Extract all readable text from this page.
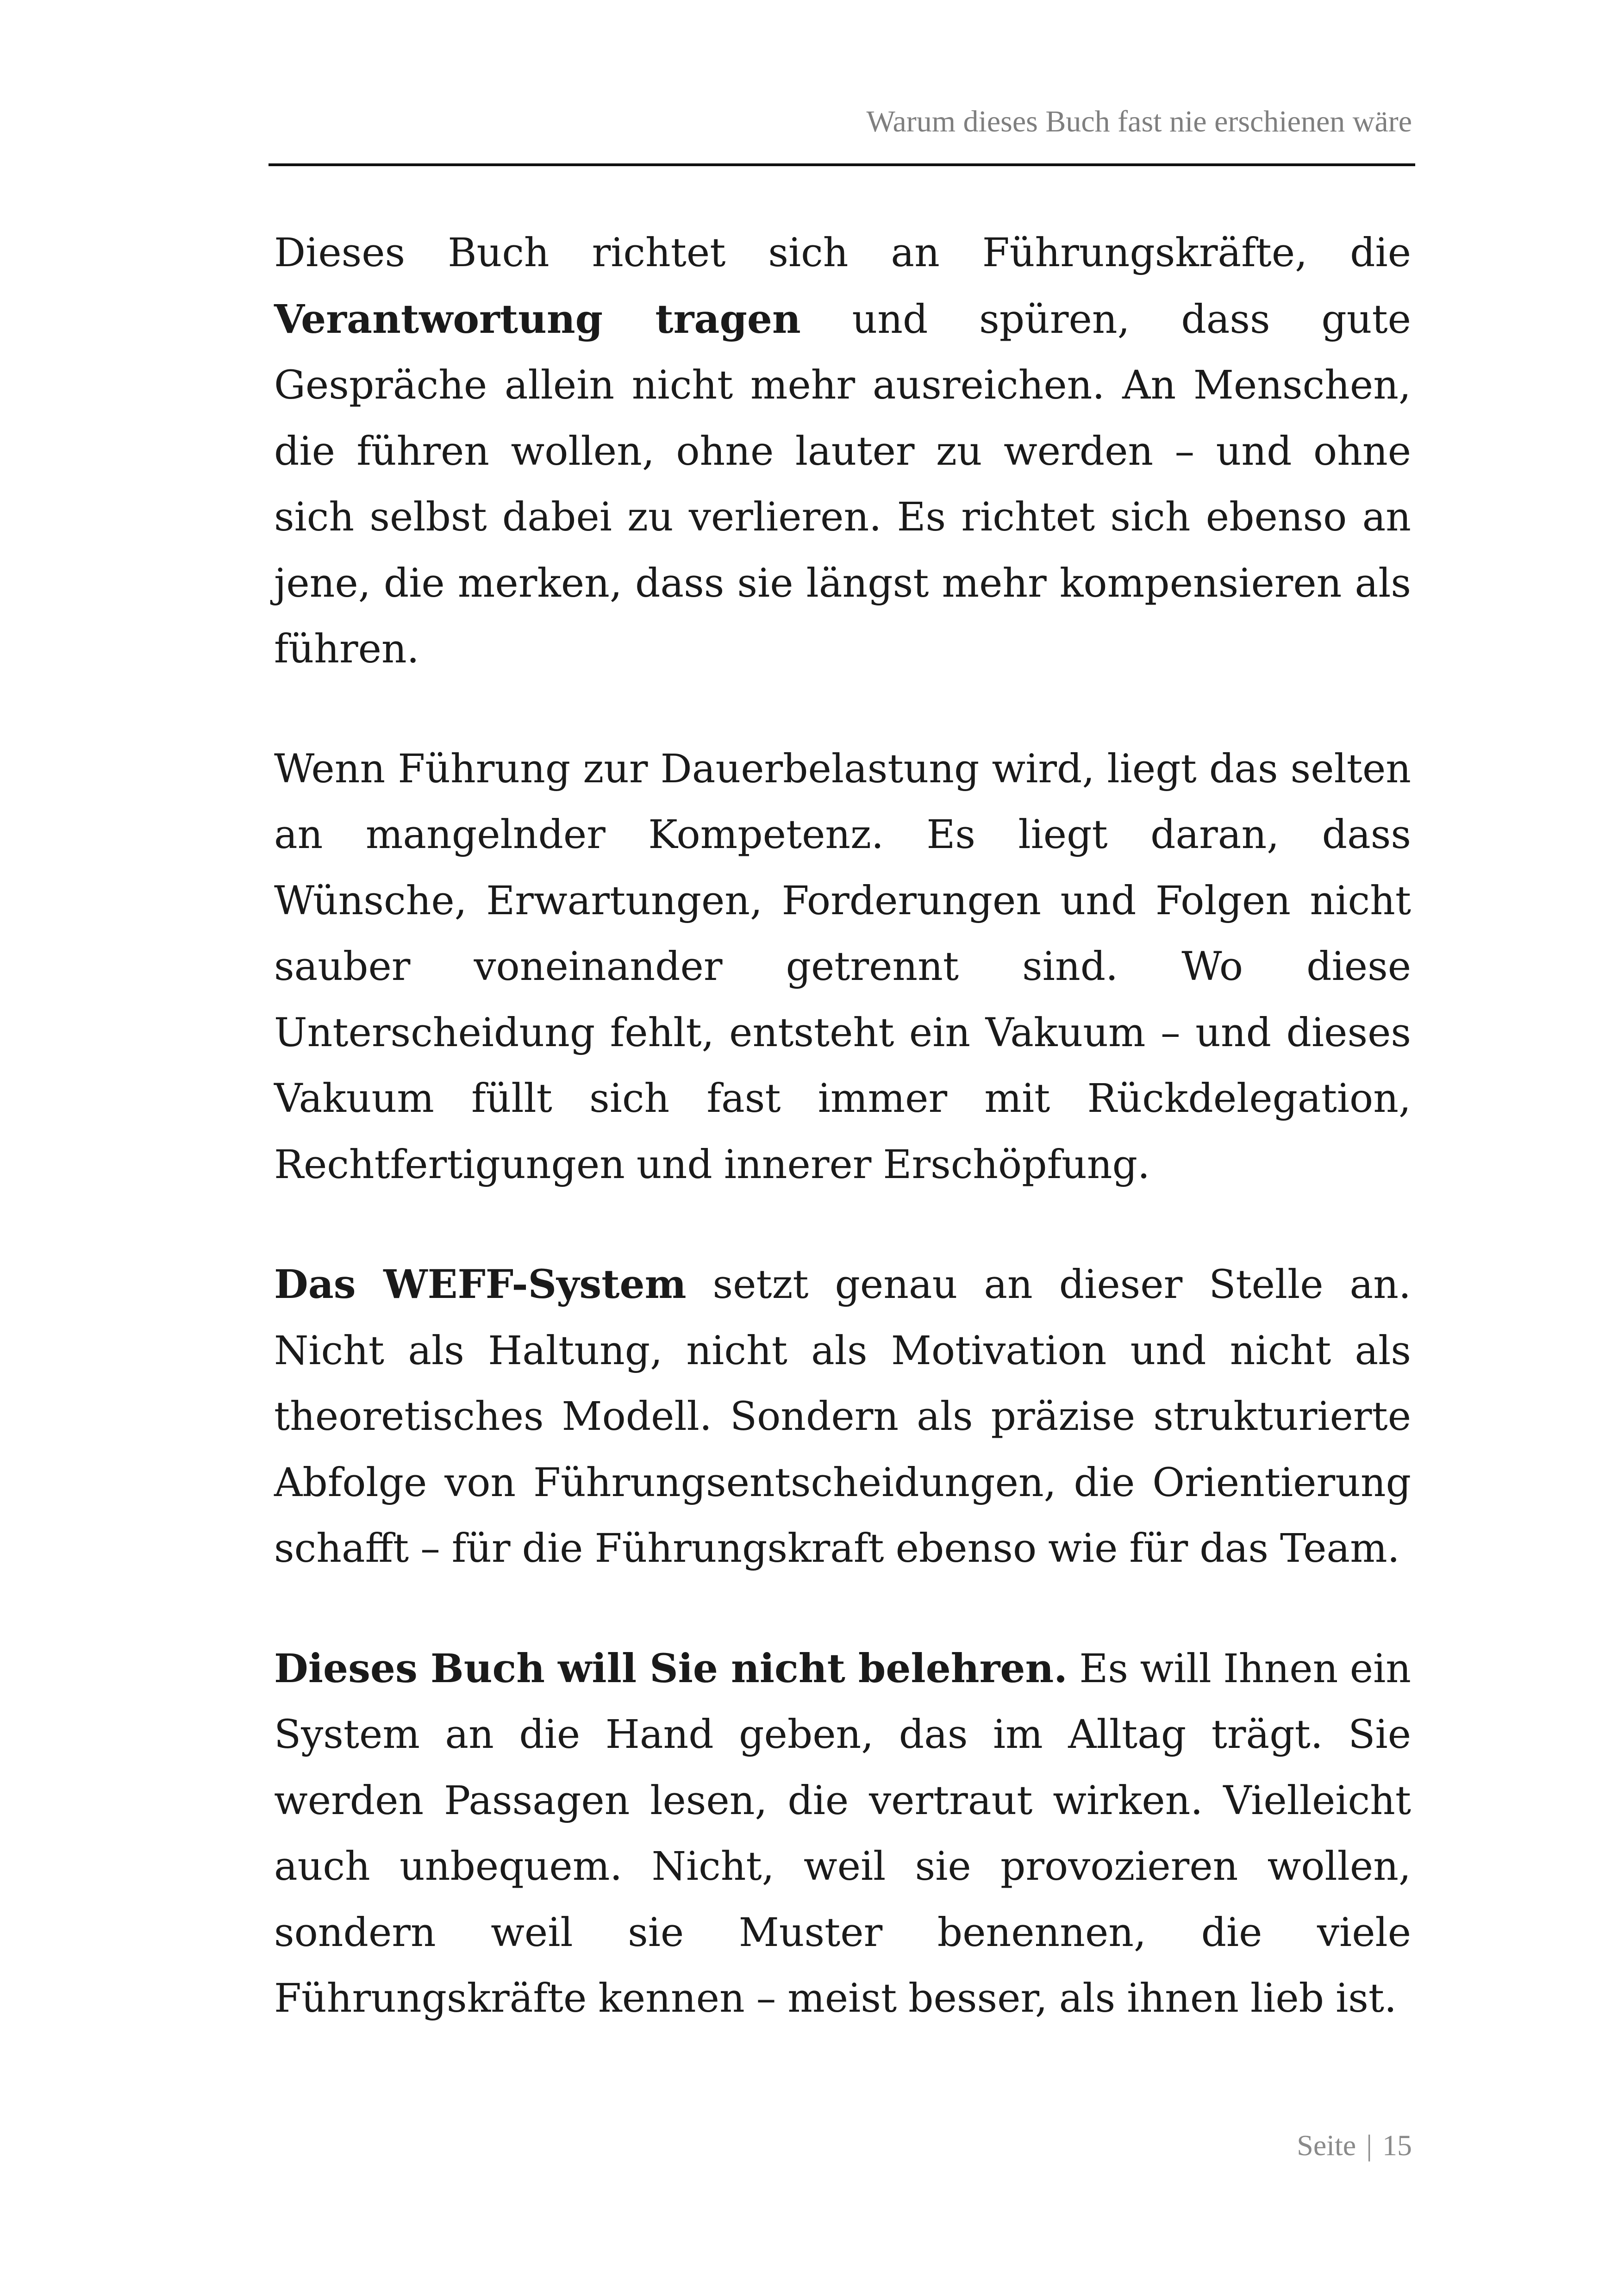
Warum dieses Buch fast nie erschienen wäre

Dieses Buch richtet sich an Führungskräfte, die Verantwortung tragen und spüren, dass gute Gespräche allein nicht mehr ausreichen. An Menschen, die führen wollen, ohne lauter zu werden – und ohne sich selbst dabei zu verlieren. Es richtet sich ebenso an jene, die merken, dass sie längst mehr kompensieren als führen.

Wenn Führung zur Dauerbelastung wird, liegt das selten an mangelnder Kompetenz. Es liegt daran, dass Wünsche, Erwartungen, Forderungen und Folgen nicht sauber voneinander getrennt sind. Wo diese Unterscheidung fehlt, entsteht ein Vakuum – und dieses Vakuum füllt sich fast immer mit Rückdelegation, Rechtfertigungen und innerer Erschöpfung.

Das WEFF-System setzt genau an dieser Stelle an. Nicht als Haltung, nicht als Motivation und nicht als theoretisches Modell. Sondern als präzise strukturierte Abfolge von Führungsentscheidungen, die Orientierung schafft – für die Führungskraft ebenso wie für das Team.

Dieses Buch will Sie nicht belehren. Es will Ihnen ein System an die Hand geben, das im Alltag trägt. Sie werden Passagen lesen, die vertraut wirken. Vielleicht auch unbequem. Nicht, weil sie provozieren wollen, sondern weil sie Muster benennen, die viele Führungskräfte kennen – meist besser, als ihnen lieb ist.

Seite | 15
